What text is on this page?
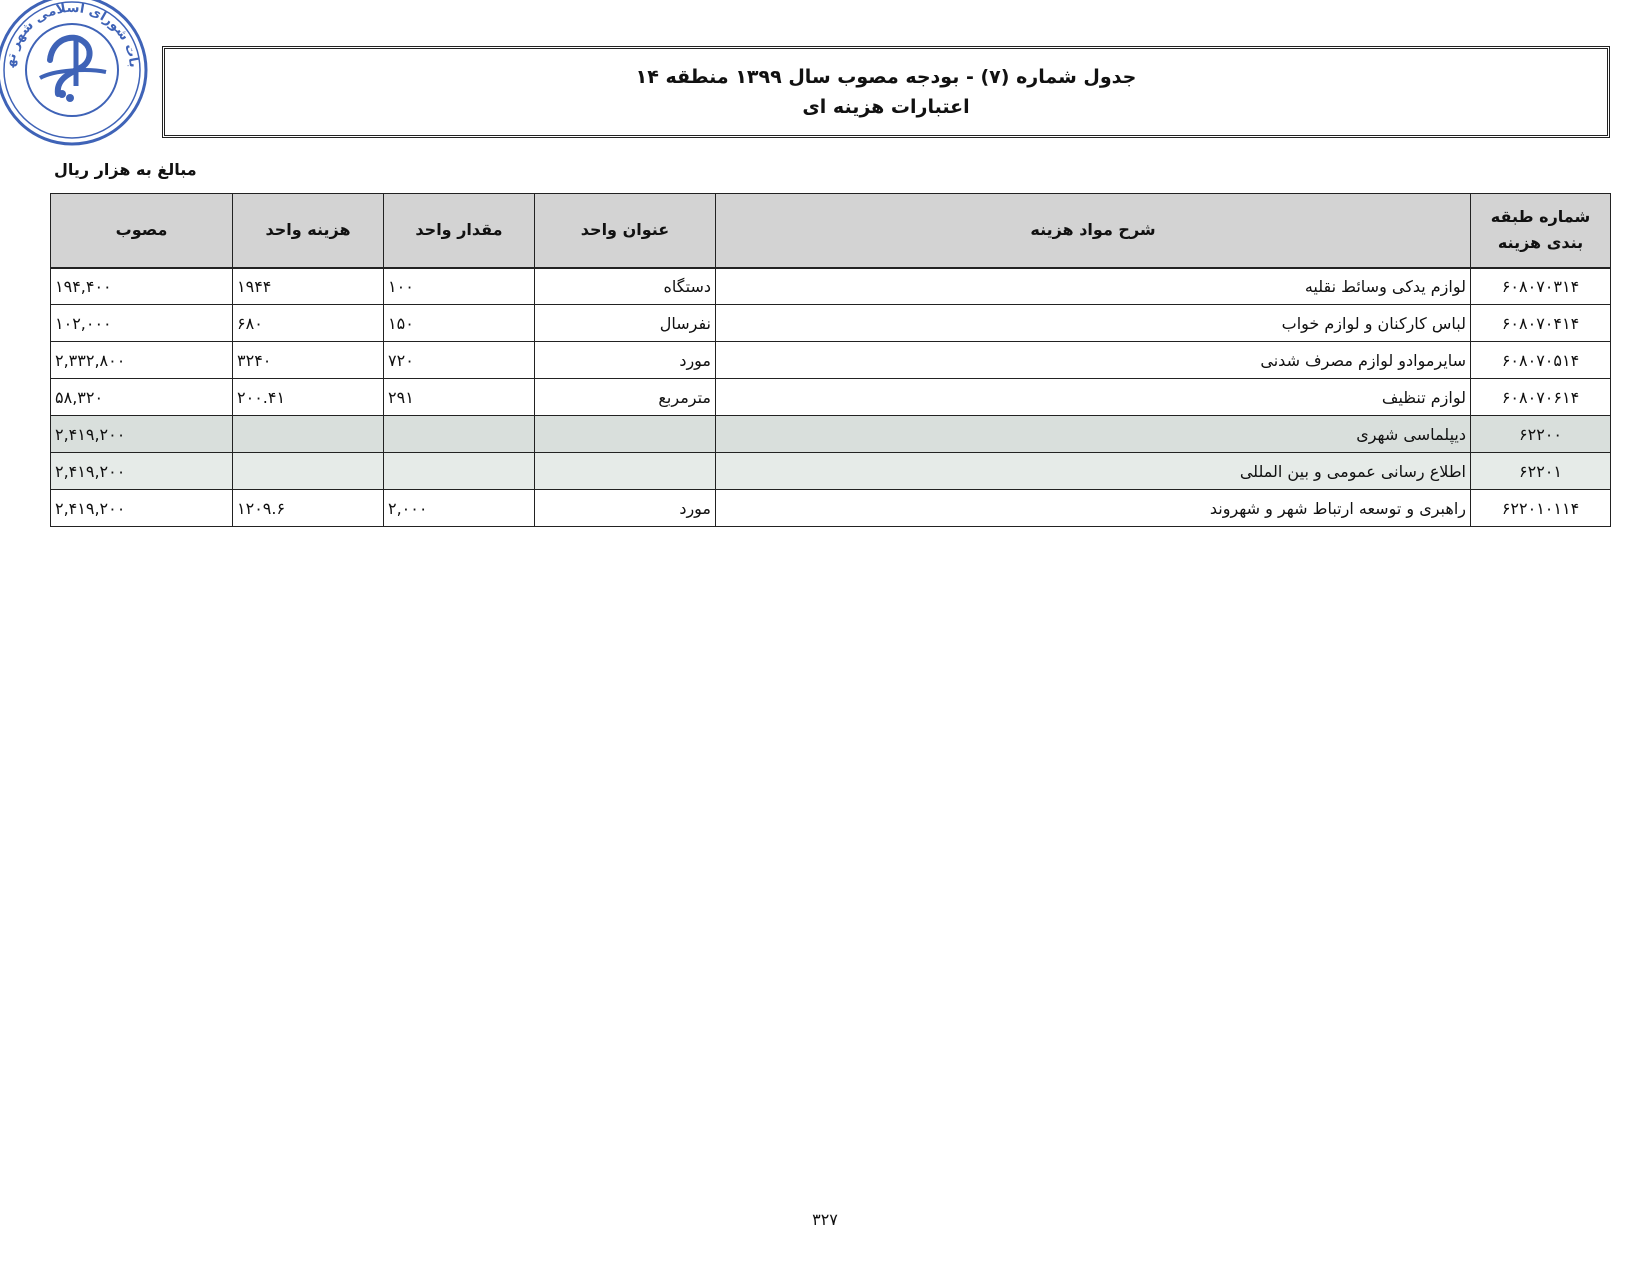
بات شورای اسلامی شهر ته
جدول شماره (۷) - بودجه مصوب سال ۱۳۹۹ منطقه ۱۴
اعتبارات هزینه ای
مبالغ به هزار ریال
شماره طبقه بندی هزینه	شرح مواد هزینه	عنوان واحد	مقدار واحد	هزینه واحد	مصوب
۶۰۸۰۷۰۳۱۴	لوازم یدکی وسائط نقلیه	دستگاه	۱۰۰	۱۹۴۴	۱۹۴,۴۰۰
۶۰۸۰۷۰۴۱۴	لباس کارکنان و لوازم خواب	نفرسال	۱۵۰	۶۸۰	۱۰۲,۰۰۰
۶۰۸۰۷۰۵۱۴	سایرموادو لوازم مصرف شدنی	مورد	۷۲۰	۳۲۴۰	۲,۳۳۲,۸۰۰
۶۰۸۰۷۰۶۱۴	لوازم تنظیف	مترمربع	۲۹۱	۲۰۰.۴۱	۵۸,۳۲۰
۶۲۲۰۰	دیپلماسی شهری				۲,۴۱۹,۲۰۰
۶۲۲۰۱	اطلاع رسانی عمومی و بین المللی				۲,۴۱۹,۲۰۰
۶۲۲۰۱۰۱۱۴	راهبری و توسعه ارتباط شهر و شهروند	مورد	۲,۰۰۰	۱۲۰۹.۶	۲,۴۱۹,۲۰۰
۳۲۷
